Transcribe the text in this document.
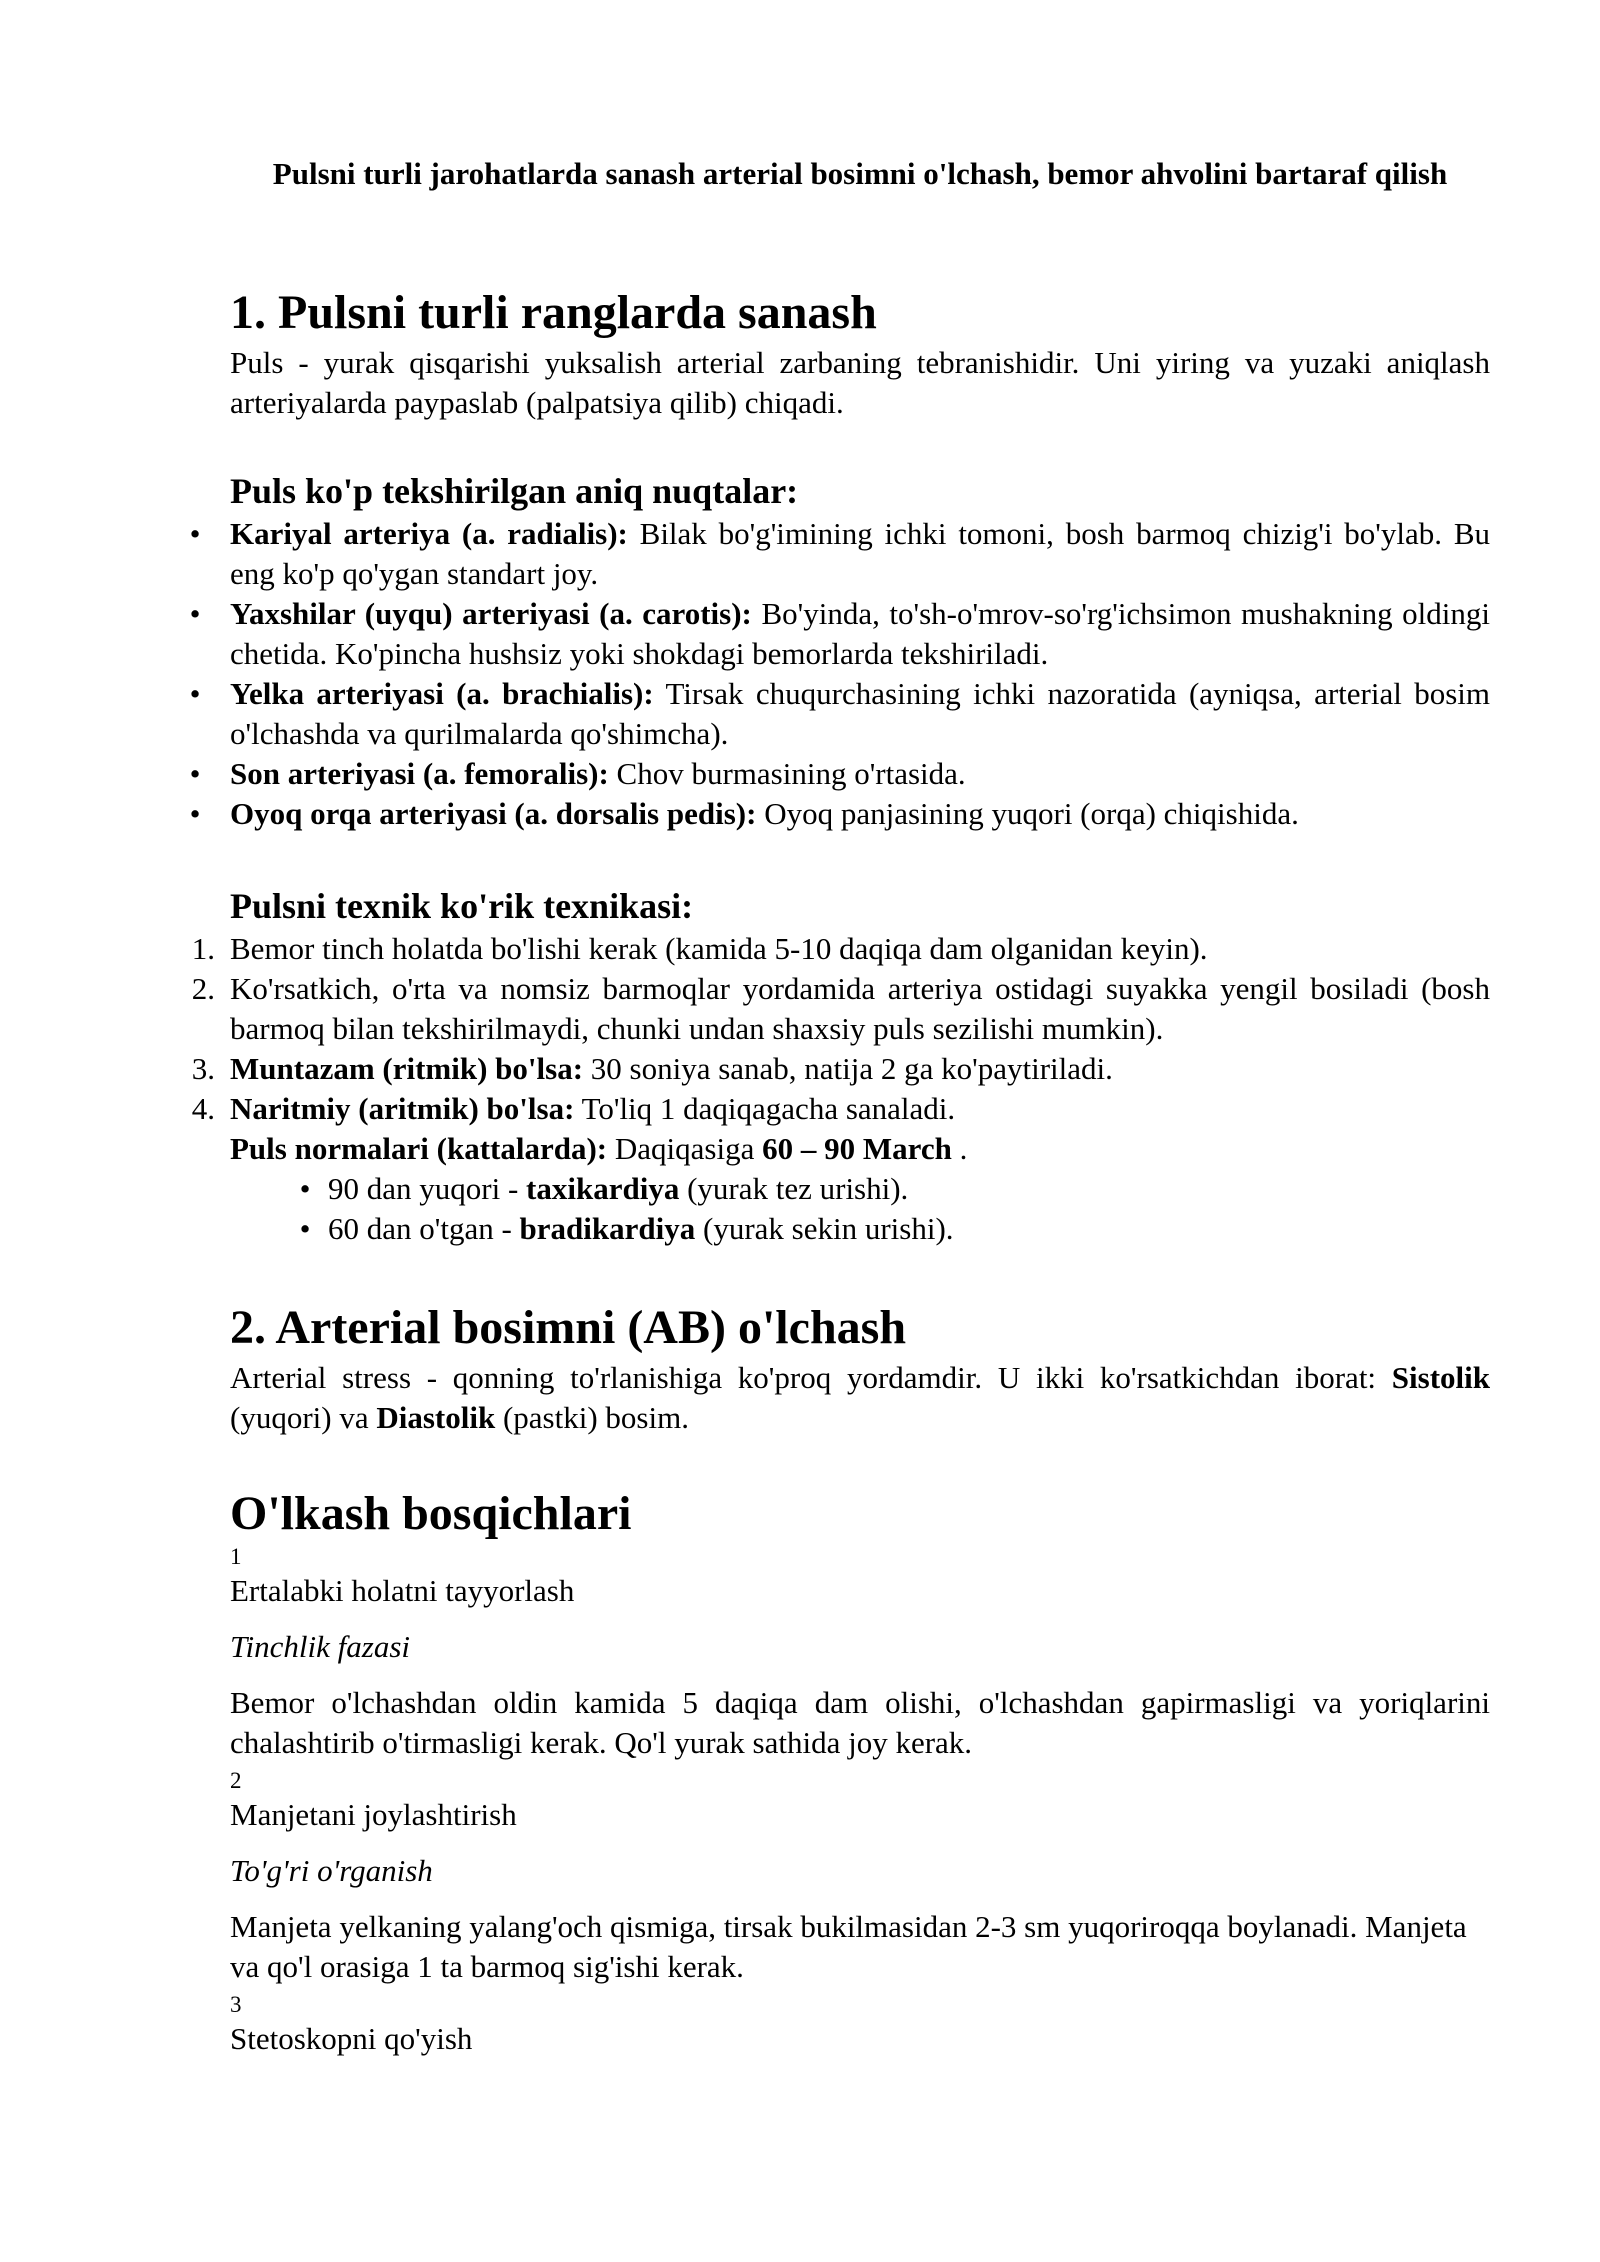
Pulsni turli jarohatlarda sanash arterial bosimni o'lchash, bemor ahvolini bartaraf qilish

1. Pulsni turli ranglarda sanash

Puls - yurak qisqarishi yuksalish arterial zarbaning tebranishidir. Uni yiring va yuzaki aniqlash arteriyalarda paypaslab (palpatsiya qilib) chiqadi.

Puls ko'p tekshirilgan aniq nuqtalar:

• Kariyal arteriya (a. radialis): Bilak bo'g'imining ichki tomoni, bosh barmoq chizig'i bo'ylab. Bu eng ko'p qo'ygan standart joy.
• Yaxshilar (uyqu) arteriyasi (a. carotis): Bo'yinda, to'sh-o'mrov-so'rg'ichsimon mushakning oldingi chetida. Ko'pincha hushsiz yoki shokdagi bemorlarda tekshiriladi.
• Yelka arteriyasi (a. brachialis): Tirsak chuqurchasining ichki nazoratida (ayniqsa, arterial bosim o'lchashda va qurilmalarda qo'shimcha).
• Son arteriyasi (a. femoralis): Chov burmasining o'rtasida.
• Oyoq orqa arteriyasi (a. dorsalis pedis): Oyoq panjasining yuqori (orqa) chiqishida.

Pulsni texnik ko'rik texnikasi:

1. Bemor tinch holatda bo'lishi kerak (kamida 5-10 daqiqa dam olganidan keyin).
2. Ko'rsatkich, o'rta va nomsiz barmoqlar yordamida arteriya ostidagi suyakka yengil bosiladi (bosh barmoq bilan tekshirilmaydi, chunki undan shaxsiy puls sezilishi mumkin).
3. Muntazam (ritmik) bo'lsa: 30 soniya sanab, natija 2 ga ko'paytiriladi.
4. Naritmiy (aritmik) bo'lsa: To'liq 1 daqiqagacha sanaladi.
Puls normalari (kattalarda): Daqiqasiga 60 – 90 March .
• 90 dan yuqori - taxikardiya (yurak tez urishi).
• 60 dan o'tgan - bradikardiya (yurak sekin urishi).

2. Arterial bosimni (AB) o'lchash

Arterial stress - qonning to'rlanishiga ko'proq yordamdir. U ikki ko'rsatkichdan iborat: Sistolik (yuqori) va Diastolik (pastki) bosim.

O'lkash bosqichlari

1

Ertalabki holatni tayyorlash

Tinchlik fazasi

Bemor o'lchashdan oldin kamida 5 daqiqa dam olishi, o'lchashdan gapirmasligi va yoriqlarini chalashtirib o'tirmasligi kerak. Qo'l yurak sathida joy kerak.

2

Manjetani joylashtirish

To'g'ri o'rganish

Manjeta yelkaning yalang'och qismiga, tirsak bukilmasidan 2-3 sm yuqoriroqqa boylanadi. Manjeta va qo'l orasiga 1 ta barmoq sig'ishi kerak.

3

Stetoskopni qo'yish
